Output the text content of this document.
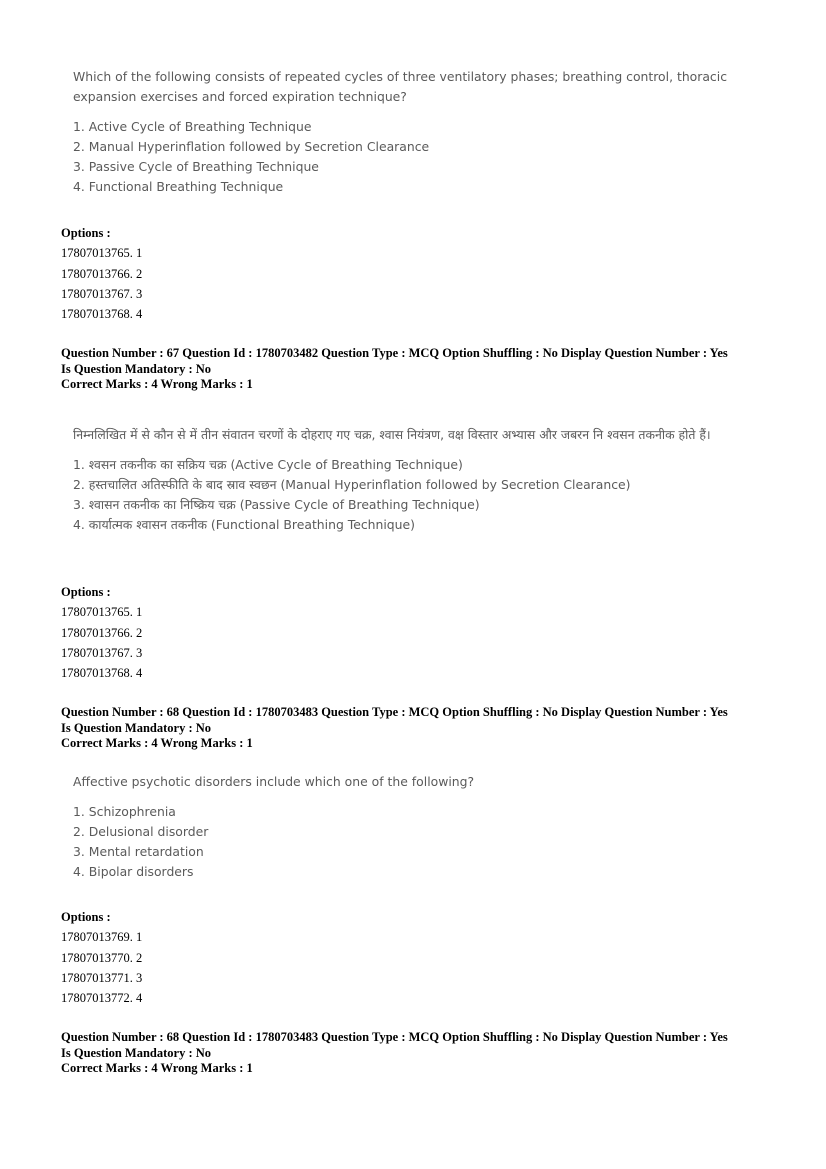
Which of the following consists of repeated cycles of three ventilatory phases; breathing control, thoracic expansion exercises and forced expiration technique?
1. Active Cycle of Breathing Technique
2. Manual Hyperinflation followed by Secretion Clearance
3. Passive Cycle of Breathing Technique
4. Functional Breathing Technique
Options :
17807013765. 1
17807013766. 2
17807013767. 3
17807013768. 4
Question Number : 67 Question Id : 1780703482 Question Type : MCQ Option Shuffling : No Display Question Number : Yes
Is Question Mandatory : No
Correct Marks : 4 Wrong Marks : 1
निम्नलिखित में से कौन से में तीन संवातन चरणों के दोहराए गए चक्र, श्वास नियंत्रण, वक्ष विस्तार अभ्यास और जबरन नि श्वसन तकनीक होते हैं।
1. श्वसन तकनीक का सक्रिय चक्र (Active Cycle of Breathing Technique)
2. हस्तचालित अतिस्फीति के बाद स्राव स्वछन (Manual Hyperinflation followed by Secretion Clearance)
3. श्वासन तकनीक का निष्क्रिय चक्र (Passive Cycle of Breathing Technique)
4. कार्यात्मक श्वासन तकनीक (Functional Breathing Technique)
Options :
17807013765. 1
17807013766. 2
17807013767. 3
17807013768. 4
Question Number : 68 Question Id : 1780703483 Question Type : MCQ Option Shuffling : No Display Question Number : Yes
Is Question Mandatory : No
Correct Marks : 4 Wrong Marks : 1
Affective psychotic disorders include which one of the following?
1. Schizophrenia
2. Delusional disorder
3. Mental retardation
4. Bipolar disorders
Options :
17807013769. 1
17807013770. 2
17807013771. 3
17807013772. 4
Question Number : 68 Question Id : 1780703483 Question Type : MCQ Option Shuffling : No Display Question Number : Yes
Is Question Mandatory : No
Correct Marks : 4 Wrong Marks : 1
